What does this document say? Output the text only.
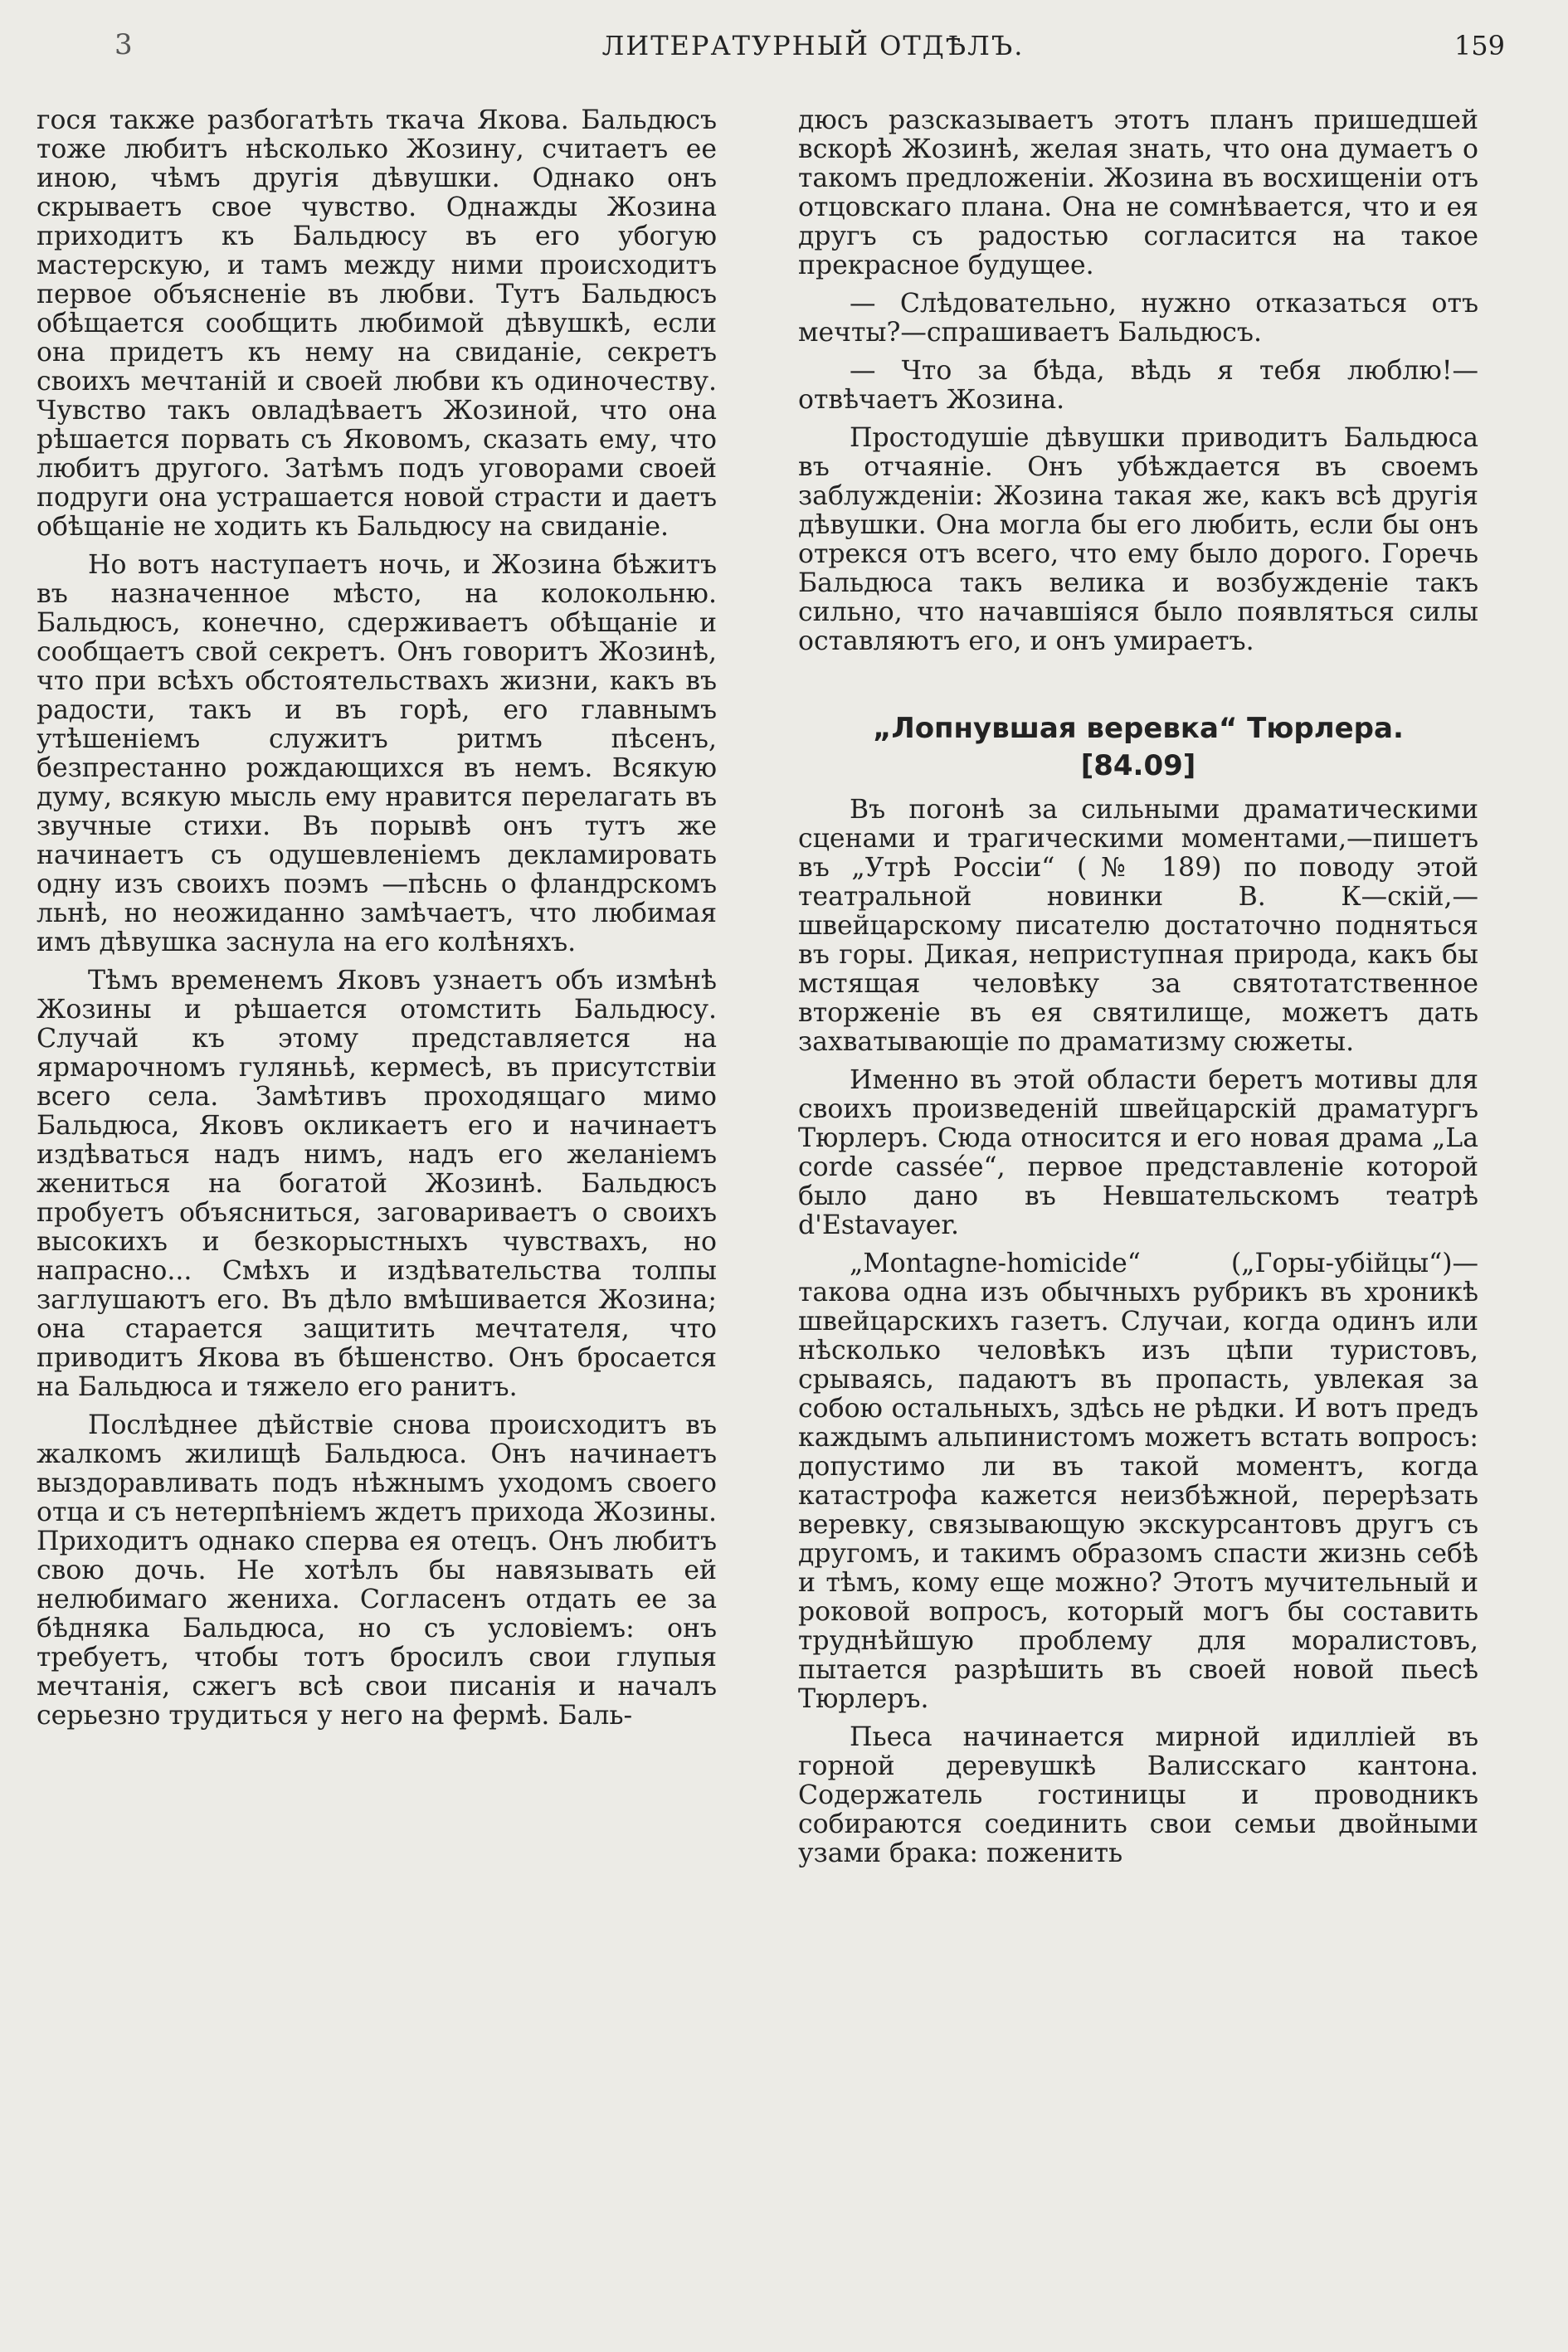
3	ЛИТЕРАТУРНЫЙ ОТДѢЛЪ.	159

гося также разбогатѣть ткача Якова. Бальдюсъ тоже любитъ нѣсколько Жозину, считаетъ ее иною, чѣмъ другія дѣвушки. Однако онъ скрываетъ свое чувство. Однажды Жозина приходитъ къ Бальдюсу въ его убогую мастерскую, и тамъ между ними происходитъ первое объясненіе въ любви. Тутъ Бальдюсъ обѣщается сообщить любимой дѣвушкѣ, если она придетъ къ нему на свиданіе, секретъ своихъ мечтаній и своей любви къ одиночеству. Чувство такъ овладѣваетъ Жозиной, что она рѣшается порвать съ Яковомъ, сказать ему, что любитъ другого. Затѣмъ подъ уговорами своей подруги она устрашается новой страсти и даетъ обѣщаніе не ходить къ Бальдюсу на свиданіе.

Но вотъ наступаетъ ночь, и Жозина бѣжитъ въ назначенное мѣсто, на колокольню. Бальдюсъ, конечно, сдерживаетъ обѣщаніе и сообщаетъ свой секретъ. Онъ говоритъ Жозинѣ, что при всѣхъ обстоятельствахъ жизни, какъ въ радости, такъ и въ горѣ, его главнымъ утѣшеніемъ служитъ ритмъ пѣсенъ, безпрестанно рождающихся въ немъ. Всякую думу, всякую мысль ему нравится перелагать въ звучные стихи. Въ порывѣ онъ тутъ же начинаетъ съ одушевленіемъ декламировать одну изъ своихъ поэмъ —пѣснь о фландрскомъ льнѣ, но неожиданно замѣчаетъ, что любимая имъ дѣвушка заснула на его колѣняхъ.

Тѣмъ временемъ Яковъ узнаетъ объ измѣнѣ Жозины и рѣшается отомстить Бальдюсу. Случай къ этому представляется на ярмарочномъ гуляньѣ, кермесѣ, въ присутствіи всего села. Замѣтивъ проходящаго мимо Бальдюса, Яковъ окликаетъ его и начинаетъ издѣваться надъ нимъ, надъ его желаніемъ жениться на богатой Жозинѣ. Бальдюсъ пробуетъ объясниться, заговариваетъ о своихъ высокихъ и безкорыстныхъ чувствахъ, но напрасно... Смѣхъ и издѣвательства толпы заглушаютъ его. Въ дѣло вмѣшивается Жозина; она старается защитить мечтателя, что приводитъ Якова въ бѣшенство. Онъ бросается на Бальдюса и тяжело его ранитъ.

Послѣднее дѣйствіе снова происходитъ въ жалкомъ жилищѣ Бальдюса. Онъ начинаетъ выздоравливать подъ нѣжнымъ уходомъ своего отца и съ нетерпѣніемъ ждетъ прихода Жозины. Приходитъ однако сперва ея отецъ. Онъ любитъ свою дочь. Не хотѣлъ бы навязывать ей нелюбимаго жениха. Согласенъ отдать ее за бѣдняка Бальдюса, но съ условіемъ: онъ требуетъ, чтобы тотъ бросилъ свои глупыя мечтанія, сжегъ всѣ свои писанія и началъ серьезно трудиться у него на фермѣ. Баль-

дюсъ разсказываетъ этотъ планъ пришедшей вскорѣ Жозинѣ, желая знать, что она думаетъ о такомъ предложеніи. Жозина въ восхищеніи отъ отцовскаго плана. Она не сомнѣвается, что и ея другъ съ радостью согласится на такое прекрасное будущее.

— Слѣдовательно, нужно отказаться отъ мечты?—спрашиваетъ Бальдюсъ.

— Что за бѣда, вѣдь я тебя люблю!— отвѣчаетъ Жозина.

Простодушіе дѣвушки приводитъ Бальдюса въ отчаяніе. Онъ убѣждается въ своемъ заблужденіи: Жозина такая же, какъ всѣ другія дѣвушки. Она могла бы его любить, если бы онъ отрекся отъ всего, что ему было дорого. Горечь Бальдюса такъ велика и возбужденіе такъ сильно, что начавшіяся было появляться силы оставляютъ его, и онъ умираетъ.

„Лопнувшая веревка“ Тюрлера.
[84.09]

Въ погонѣ за сильными драматическими сценами и трагическими моментами,—пишетъ въ „Утрѣ Россіи“ (№ 189) по поводу этой театральной новинки В. К—скій,—швейцарскому писателю достаточно подняться въ горы. Дикая, неприступная природа, какъ бы мстящая человѣку за святотатственное вторженіе въ ея святилище, можетъ дать захватывающіе по драматизму сюжеты.

Именно въ этой области беретъ мотивы для своихъ произведеній швейцарскій драматургъ Тюрлеръ. Сюда относится и его новая драма „La corde cassée“, первое представленіе которой было дано въ Невшательскомъ театрѣ d'Estavayer.

„Montagne-homicide“ („Горы-убійцы“)—такова одна изъ обычныхъ рубрикъ въ хроникѣ швейцарскихъ газетъ. Случаи, когда одинъ или нѣсколько человѣкъ изъ цѣпи туристовъ, срываясь, падаютъ въ пропасть, увлекая за собою остальныхъ, здѣсь не рѣдки. И вотъ предъ каждымъ альпинистомъ можетъ встать вопросъ: допустимо ли въ такой моментъ, когда катастрофа кажется неизбѣжной, перерѣзать веревку, связывающую экскурсантовъ другъ съ другомъ, и такимъ образомъ спасти жизнь себѣ и тѣмъ, кому еще можно? Этотъ мучительный и роковой вопросъ, который могъ бы составить труднѣйшую проблему для моралистовъ, пытается разрѣшить въ своей новой пьесѣ Тюрлеръ.

Пьеса начинается мирной идилліей въ горной деревушкѣ Валисскаго кантона. Содержатель гостиницы и проводникъ собираются соединить свои семьи двойными узами брака: поженить
